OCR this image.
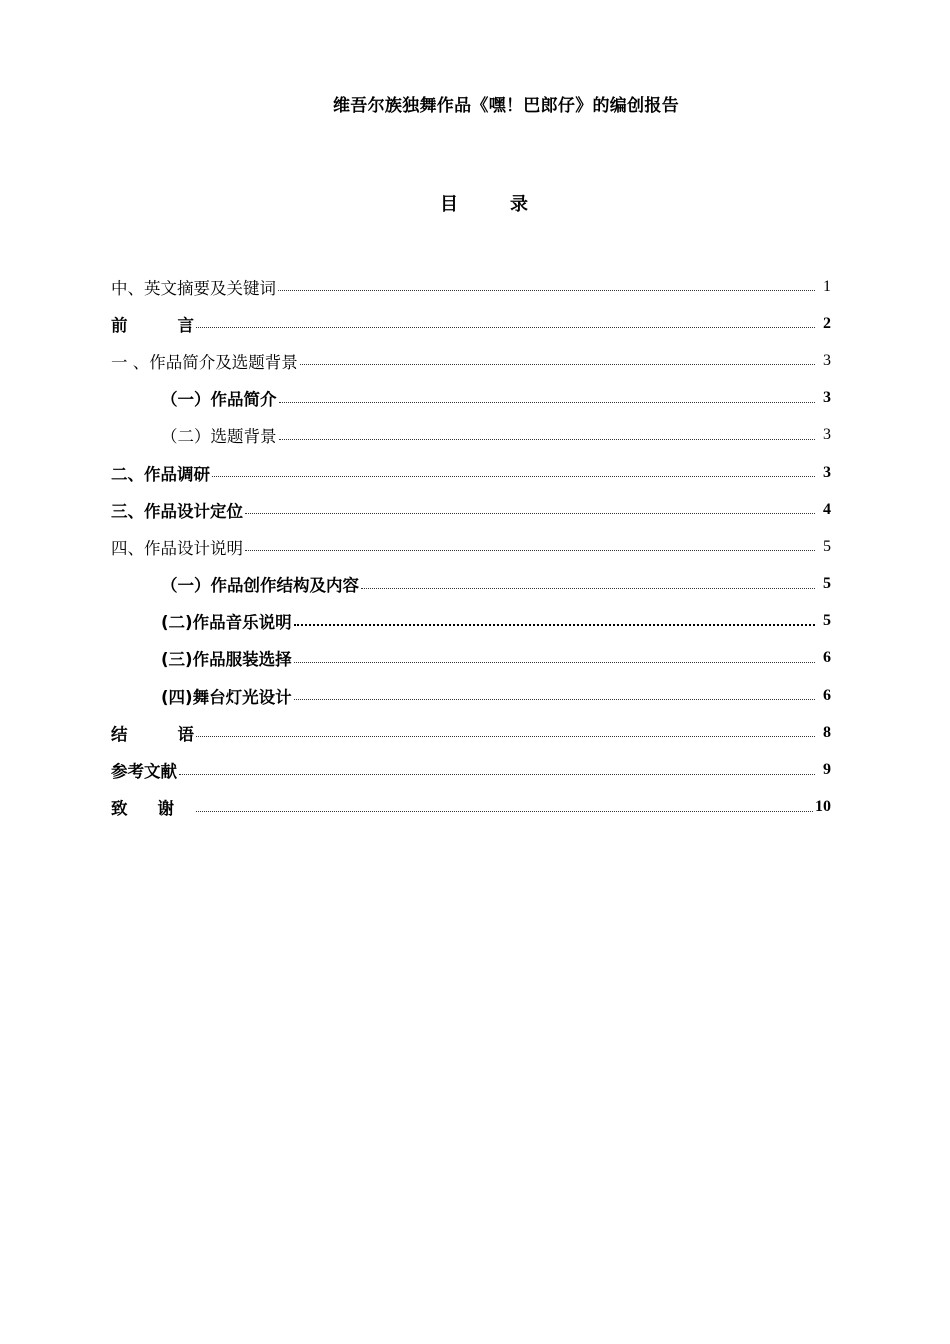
维吾尔族独舞作品《嘿！巴郎仔》的编创报告
目	录
中、英文摘要及关键词	1
前	言	2
一 、作品简介及选题背景	3
（一）作品简介	3
（二）选题背景	3
二、作品调研	3
三、作品设计定位	4
四、作品设计说明	5
（一）作品创作结构及内容	5
(二)作品音乐说明	5
(三)作品服装选择	6
(四)舞台灯光设计	6
结	语	8
参考文献	9
致 谢	10
